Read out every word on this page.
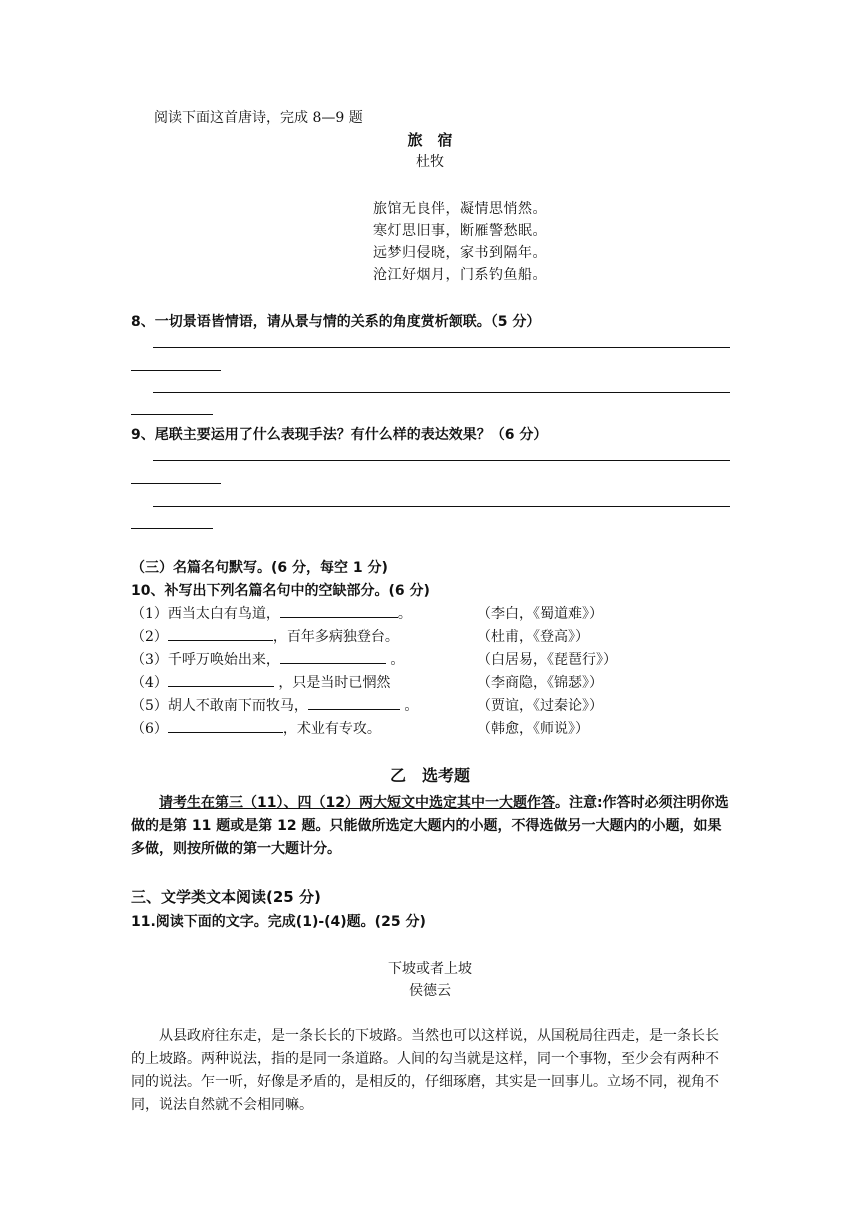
阅读下面这首唐诗，完成 8—9 题
旅　宿
杜牧
旅馆无良伴，凝情思悄然。
寒灯思旧事，断雁警愁眠。
远梦归侵晓，家书到隔年。
沧江好烟月，门系钓鱼船。
8、一切景语皆情语，请从景与情的关系的角度赏析颔联。（5 分）
9、尾联主要运用了什么表现手法？有什么样的表达效果？（6 分）
（三）名篇名句默写。(6 分，每空 1 分)
10、补写出下列名篇名句中的空缺部分。(6 分)
（1）西当太白有鸟道，	。	（李白，《蜀道难》）
（2）	，百年多病独登台。	（杜甫，《登高》）
（3）千呼万唤始出来，	。	（白居易，《琵琶行》）
（4）	，只是当时已惘然	（李商隐，《锦瑟》）
（5）胡人不敢南下而牧马，	。	（贾谊，《过秦论》）
（6）	，术业有专攻。	（韩愈，《师说》）
乙　选考题
请考生在第三（11）、四（12）两大短文中选定其中一大题作答。注意:作答时必须注明你选做的是第 11 题或是第 12 题。只能做所选定大题内的小题，不得选做另一大题内的小题，如果多做，则按所做的第一大题计分。
三、文学类文本阅读(25 分)
11.阅读下面的文字。完成(1)-(4)题。(25 分)
下坡或者上坡
侯德云
从县政府往东走，是一条长长的下坡路。当然也可以这样说，从国税局往西走，是一条长长的上坡路。两种说法，指的是同一条道路。人间的勾当就是这样，同一个事物，至少会有两种不同的说法。乍一听，好像是矛盾的，是相反的，仔细琢磨，其实是一回事儿。立场不同，视角不同，说法自然就不会相同嘛。
